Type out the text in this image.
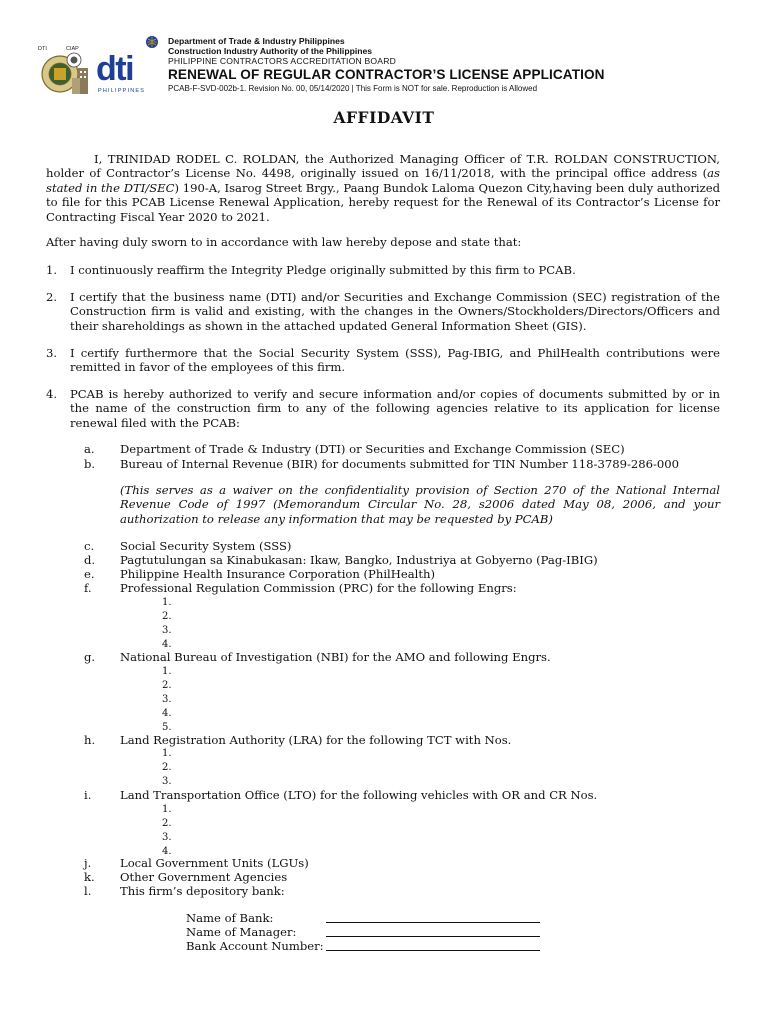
DTI	CIAP
dti
PHILIPPINES
Department of Trade & Industry Philippines
Construction Industry Authority of the Philippines
PHILIPPINE CONTRACTORS ACCREDITATION BOARD
RENEWAL OF REGULAR CONTRACTOR’S LICENSE APPLICATION
PCAB-F-SVD-002b-1. Revision No. 00, 05/14/2020 | This Form is NOT for sale. Reproduction is Allowed
AFFIDAVIT
I, TRINIDAD RODEL C. ROLDAN, the Authorized Managing Officer of T.R. ROLDAN CONSTRUCTION, holder of Contractor’s License No. 4498, originally issued on 16/11/2018, with the principal office address (as stated in the DTI/SEC) 190-A, Isarog Street Brgy., Paang Bundok Laloma Quezon City,having been duly authorized to file for this PCAB License Renewal Application, hereby request for the Renewal of its Contractor’s License for Contracting Fiscal Year 2020 to 2021.
After having duly sworn to in accordance with law hereby depose and state that:
1. I continuously reaffirm the Integrity Pledge originally submitted by this firm to PCAB.
2. I certify that the business name (DTI) and/or Securities and Exchange Commission (SEC) registration of the Construction firm is valid and existing, with the changes in the Owners/Stockholders/Directors/Officers and their shareholdings as shown in the attached updated General Information Sheet (GIS).
3. I certify furthermore that the Social Security System (SSS), Pag-IBIG, and PhilHealth contributions were remitted in favor of the employees of this firm.
4. PCAB is hereby authorized to verify and secure information and/or copies of documents submitted by or in the name of the construction firm to any of the following agencies relative to its application for license renewal filed with the PCAB:
a. Department of Trade & Industry (DTI) or Securities and Exchange Commission (SEC)
b. Bureau of Internal Revenue (BIR) for documents submitted for TIN Number 118-3789-286-000
(This serves as a waiver on the confidentiality provision of Section 270 of the National Internal Revenue Code of 1997 (Memorandum Circular No. 28, s2006 dated May 08, 2006, and your authorization to release any information that may be requested by PCAB)
c. Social Security System (SSS)
d. Pagtutulungan sa Kinabukasan: Ikaw, Bangko, Industriya at Gobyerno (Pag-IBIG)
e. Philippine Health Insurance Corporation (PhilHealth)
f. Professional Regulation Commission (PRC) for the following Engrs:
1.
2.
3.
4.
g. National Bureau of Investigation (NBI) for the AMO and following Engrs.
1.
2.
3.
4.
5.
h. Land Registration Authority (LRA) for the following TCT with Nos.
1.
2.
3.
i. Land Transportation Office (LTO) for the following vehicles with OR and CR Nos.
1.
2.
3.
4.
j. Local Government Units (LGUs)
k. Other Government Agencies
l. This firm’s depository bank:
Name of Bank:
Name of Manager:
Bank Account Number:
